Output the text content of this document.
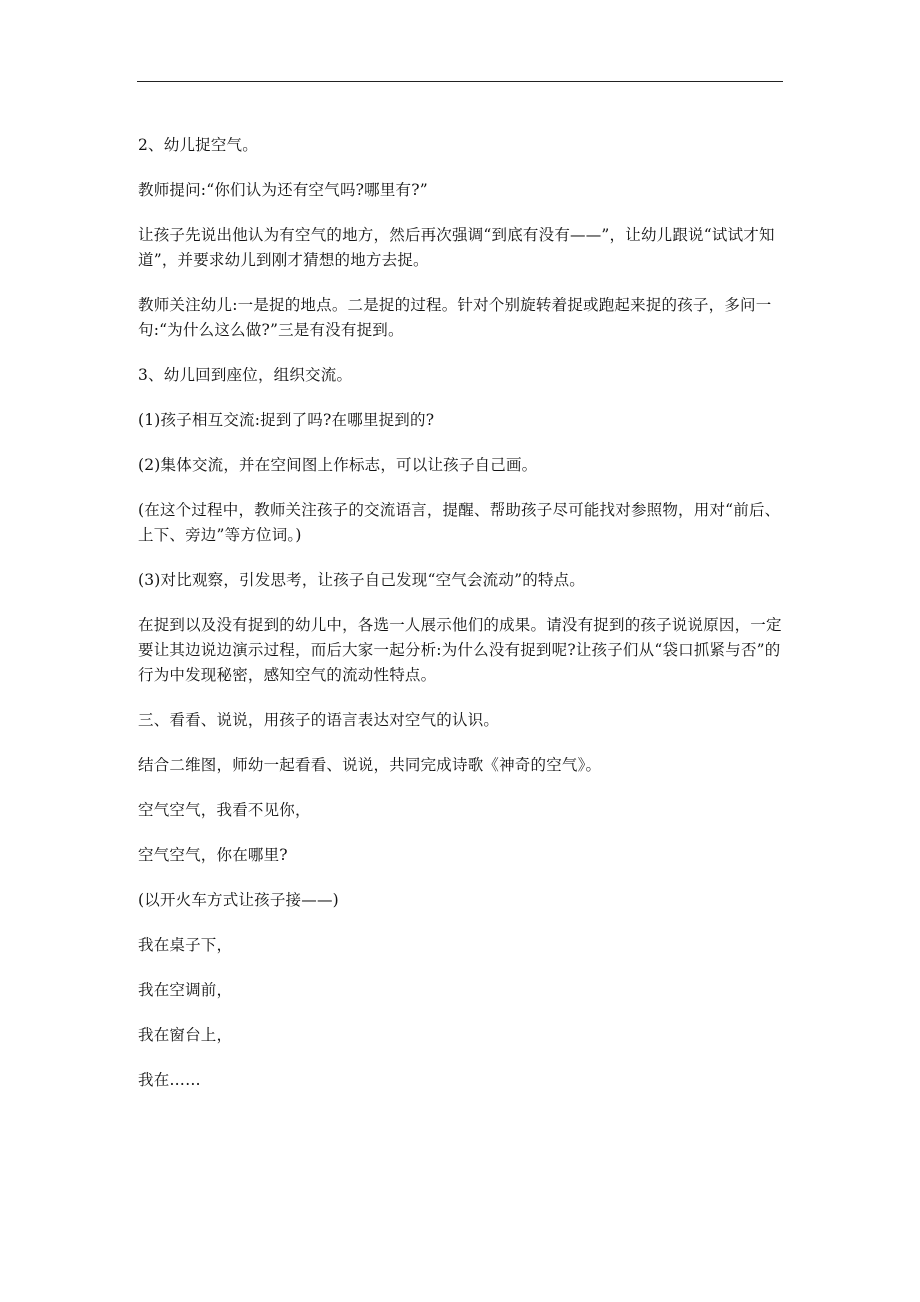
2、幼儿捉空气。

教师提问:“你们认为还有空气吗?哪里有?”

让孩子先说出他认为有空气的地方，然后再次强调“到底有没有——”，让幼儿跟说“试试才知道”，并要求幼儿到刚才猜想的地方去捉。

教师关注幼儿:一是捉的地点。二是捉的过程。针对个别旋转着捉或跑起来捉的孩子，多问一句:“为什么这么做?”三是有没有捉到。

3、幼儿回到座位，组织交流。

(1)孩子相互交流:捉到了吗?在哪里捉到的?

(2)集体交流，并在空间图上作标志，可以让孩子自己画。

(在这个过程中，教师关注孩子的交流语言，提醒、帮助孩子尽可能找对参照物，用对“前后、上下、旁边”等方位词。)

(3)对比观察，引发思考，让孩子自己发现“空气会流动”的特点。

在捉到以及没有捉到的幼儿中，各选一人展示他们的成果。请没有捉到的孩子说说原因，一定要让其边说边演示过程，而后大家一起分析:为什么没有捉到呢?让孩子们从“袋口抓紧与否”的行为中发现秘密，感知空气的流动性特点。

三、看看、说说，用孩子的语言表达对空气的认识。

结合二维图，师幼一起看看、说说，共同完成诗歌《神奇的空气》。

空气空气，我看不见你，

空气空气，你在哪里?

(以开火车方式让孩子接——)

我在桌子下，

我在空调前，

我在窗台上，

我在……
